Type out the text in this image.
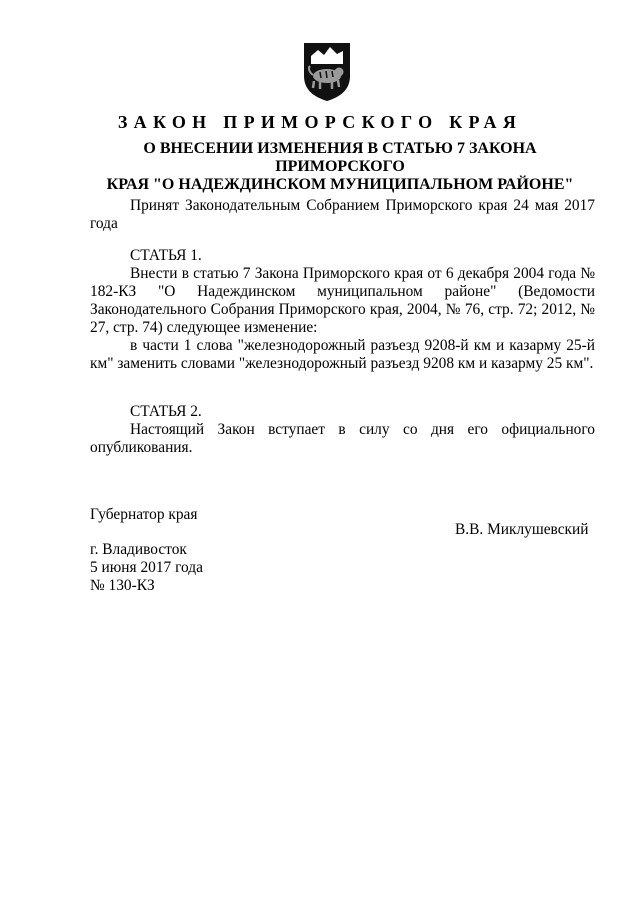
ЗАКОН ПРИМОРСКОГО КРАЯ
О ВНЕСЕНИИ ИЗМЕНЕНИЯ В СТАТЬЮ 7 ЗАКОНА ПРИМОРСКОГО
КРАЯ "О НАДЕЖДИНСКОМ МУНИЦИПАЛЬНОМ РАЙОНЕ"

Принят Законодательным Собранием Приморского края 24 мая 2017 года

СТАТЬЯ 1.

Внести в статью 7 Закона Приморского края от 6 декабря 2004 года № 182-КЗ "О Надеждинском муниципальном районе" (Ведомости Законодательного Собрания Приморского края, 2004, № 76, стр. 72; 2012, № 27, стр. 74) следующее изменение:

в части 1 слова "железнодорожный разъезд 9208-й км и казарму 25-й км" заменить словами "железнодорожный разъезд 9208 км и казарму 25 км".

СТАТЬЯ 2.

Настоящий Закон вступает в силу со дня его официального опубликования.

Губернатор края

В.В. Миклушевский

г. Владивосток

5 июня 2017 года

№ 130-КЗ
